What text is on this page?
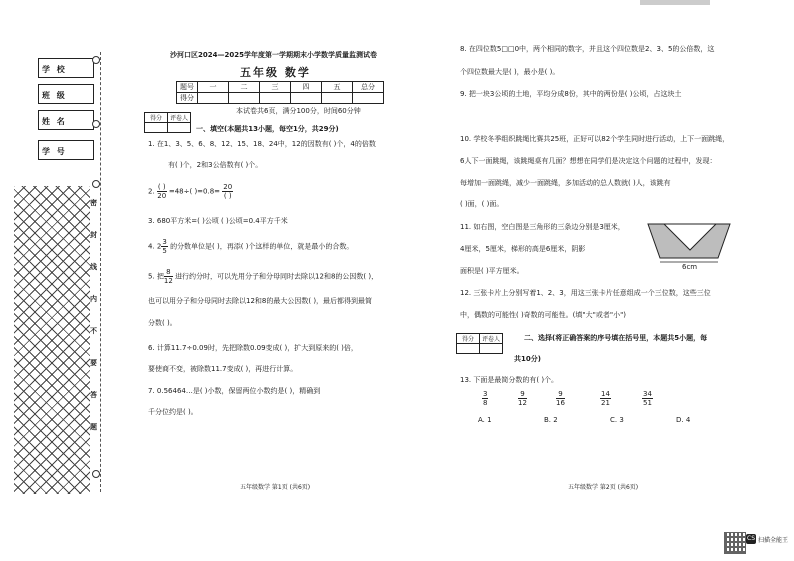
学 校
班 级
姓 名
学 号
密
封
线
内
不
要
答
题
沙河口区2024—2025学年度第一学期期末小学数学质量监测试卷
五年级 数学
题号	一	二	三	四	五	总分
得分						
本试卷共6页，满分100分，时间60分钟
得分	评卷人

一、填空(本题共13小题，每空1分，共29分)
1. 在1、3、5、6、8、12、15、18、24中，12的因数有( )个，4的倍数
有( )个，2和3公倍数有( )个。
2. $\frac{( )}{20} =48\div$( )$=0.8= \frac{20}{( )}$
3. 680平方米=( )公顷 ( )公顷=0.4平方千米
4. $2 \frac{3}{5}$ 的分数单位是( )，再添( )个这样的单位，就是最小的合数。
5. 把 $\frac{8}{12}$ 进行约分时，可以先用分子和分母同时去除以12和8的公因数( )，
也可以用分子和分母同时去除以12和8的最大公因数( )，最后都得到最简
分数( )。
6. 计算11.7÷0.09时，先把除数0.09变成( )，扩大到原来的( )倍，
要使商不变，被除数11.7变成( )，再进行计算。
7. 0.56464…是( )小数，保留两位小数约是( )，精确到
千分位约是( )。
五年级数学 第1页 (共6页)
8. 在四位数5□□0中，两个相同的数字，并且这个四位数是2、3、5的公倍数，这
个四位数最大是( )，最小是( )。
9. 把一块3公顷的土地，平均分成8份，其中的两份是( )公顷，占这块土
10. 学校冬季组织跳绳比赛共25班，正好可以82个学生同时进行活动，上下一面跳绳，
6人下一面跳绳，该跳绳桌有几面？想想在同学们是决定这个问题的过程中，发现：
每增加一面跳绳，减少一面跳绳，多加活动的总人数就( )人，该跳有
( )面，( )面。
11. 如右图，空白图是三角形的三条边分别是3厘米，
4厘米，5厘米，梯形的高是6厘米，阴影
面积是( )平方厘米。	6cm
12. 三张卡片上分别写着1、2、3，用这三张卡片任意组成一个三位数，这些三位
中，偶数的可能性( )奇数的可能性。(填"大"或者"小")
得分	评卷人
		二、选择(将正确答案的序号填在括号里，本题共5小题，每
共10分)
13. 下面是最简分数的有( )个。
$\frac{3}{8}$	$\frac{9}{12}$	$\frac{9}{16}$	$\frac{14}{21}$	$\frac{34}{51}$
A. 1	B. 2	C. 3	D. 4
五年级数学 第2页 (共6页)
CS 扫描全能王
